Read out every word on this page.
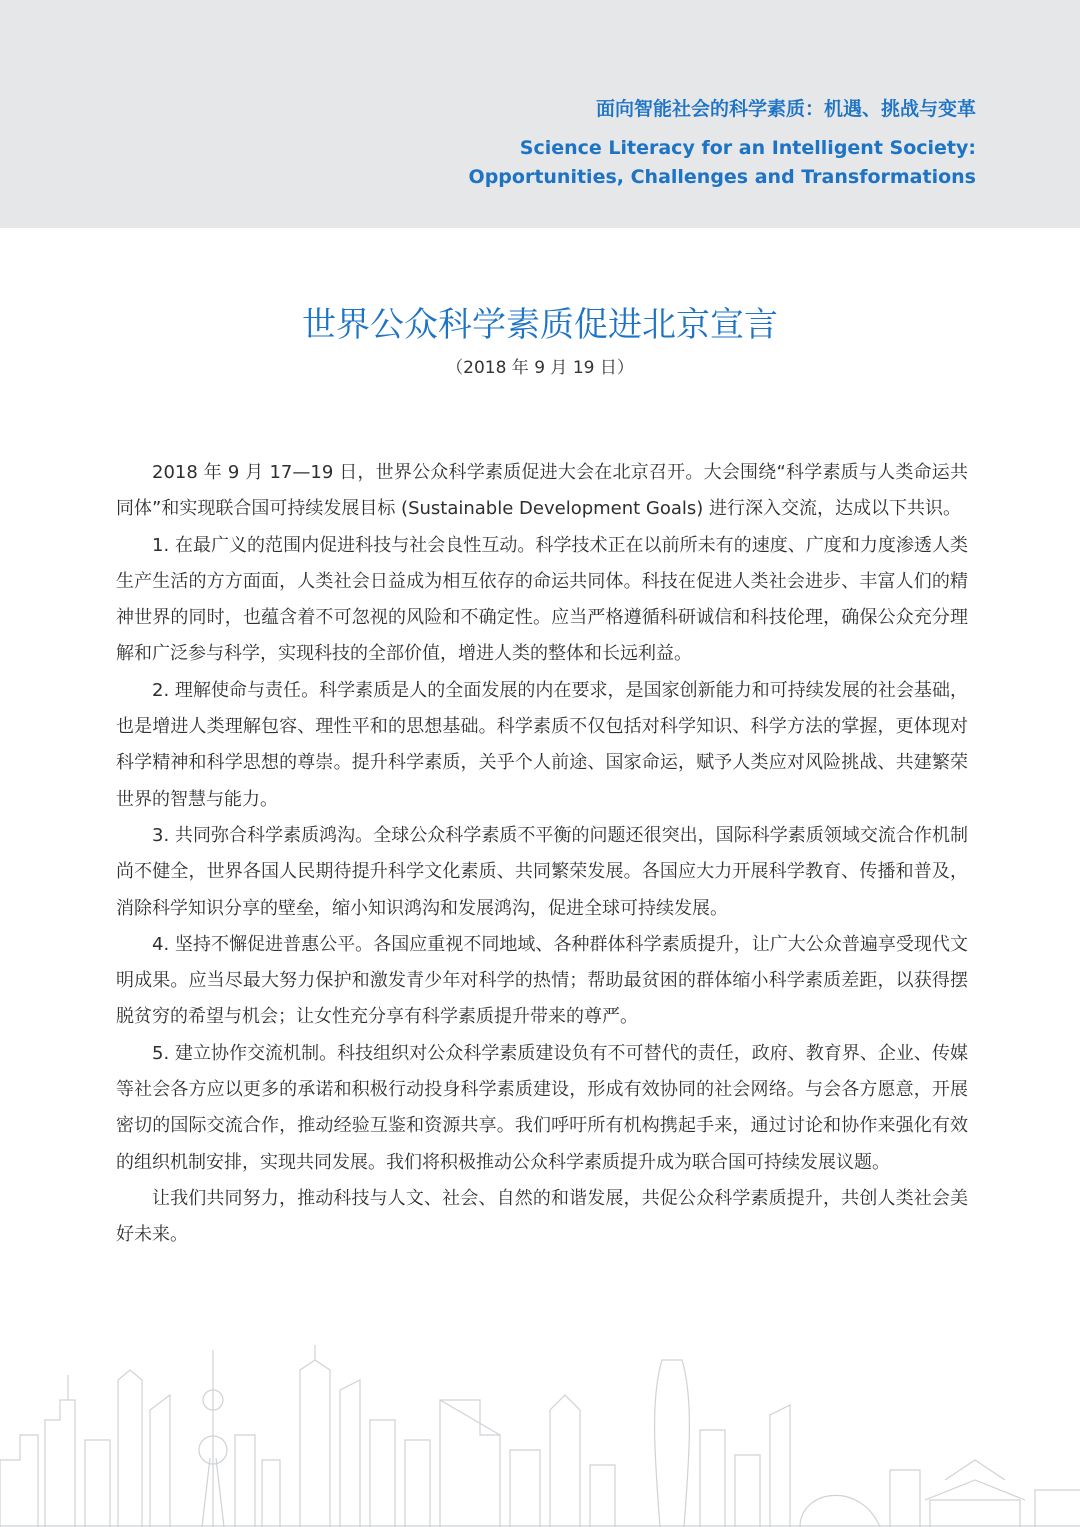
面向智能社会的科学素质：机遇、挑战与变革
Science Literacy for an Intelligent Society:
Opportunities, Challenges and Transformations
世界公众科学素质促进北京宣言
（2018 年 9 月 19 日）

2018 年 9 月 17—19 日，世界公众科学素质促进大会在北京召开。大会围绕“科学素质与人类命运共同体”和实现联合国可持续发展目标 (Sustainable Development Goals) 进行深入交流，达成以下共识。

1. 在最广义的范围内促进科技与社会良性互动。科学技术正在以前所未有的速度、广度和力度渗透人类生产生活的方方面面，人类社会日益成为相互依存的命运共同体。科技在促进人类社会进步、丰富人们的精神世界的同时，也蕴含着不可忽视的风险和不确定性。应当严格遵循科研诚信和科技伦理，确保公众充分理解和广泛参与科学，实现科技的全部价值，增进人类的整体和长远利益。

2. 理解使命与责任。科学素质是人的全面发展的内在要求，是国家创新能力和可持续发展的社会基础，也是增进人类理解包容、理性平和的思想基础。科学素质不仅包括对科学知识、科学方法的掌握，更体现对科学精神和科学思想的尊崇。提升科学素质，关乎个人前途、国家命运，赋予人类应对风险挑战、共建繁荣世界的智慧与能力。

3. 共同弥合科学素质鸿沟。全球公众科学素质不平衡的问题还很突出，国际科学素质领域交流合作机制尚不健全，世界各国人民期待提升科学文化素质、共同繁荣发展。各国应大力开展科学教育、传播和普及，消除科学知识分享的壁垒，缩小知识鸿沟和发展鸿沟，促进全球可持续发展。

4. 坚持不懈促进普惠公平。各国应重视不同地域、各种群体科学素质提升，让广大公众普遍享受现代文明成果。应当尽最大努力保护和激发青少年对科学的热情；帮助最贫困的群体缩小科学素质差距，以获得摆脱贫穷的希望与机会；让女性充分享有科学素质提升带来的尊严。

5. 建立协作交流机制。科技组织对公众科学素质建设负有不可替代的责任，政府、教育界、企业、传媒等社会各方应以更多的承诺和积极行动投身科学素质建设，形成有效协同的社会网络。与会各方愿意，开展密切的国际交流合作，推动经验互鉴和资源共享。我们呼吁所有机构携起手来，通过讨论和协作来强化有效的组织机制安排，实现共同发展。我们将积极推动公众科学素质提升成为联合国可持续发展议题。

让我们共同努力，推动科技与人文、社会、自然的和谐发展，共促公众科学素质提升，共创人类社会美好未来。
